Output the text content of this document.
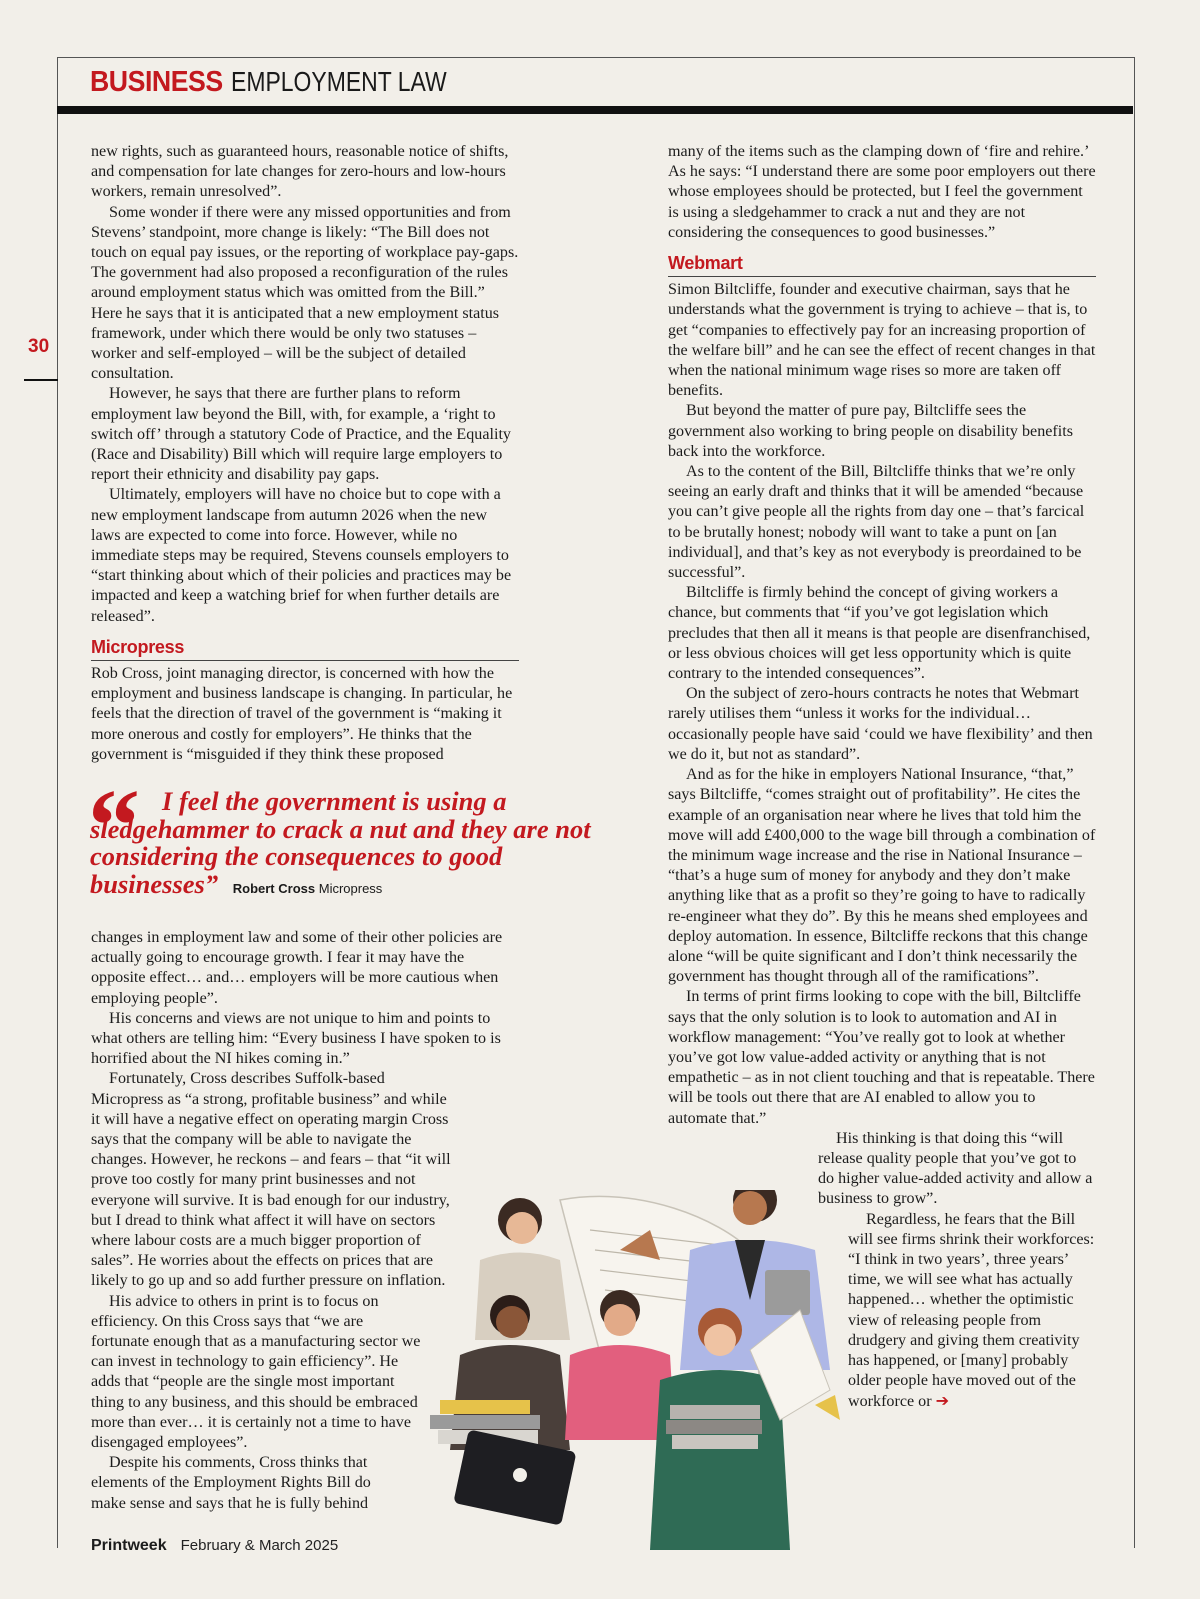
BUSINESS EMPLOYMENT LAW
30

new rights, such as guaranteed hours, reasonable notice of shifts, and compensation for late changes for zero-hours and low-hours workers, remain unresolved”.

Some wonder if there were any missed opportunities and from Stevens’ standpoint, more change is likely: “The Bill does not touch on equal pay issues, or the reporting of workplace pay-gaps. The government had also proposed a reconfiguration of the rules around employment status which was omitted from the Bill.” Here he says that it is anticipated that a new employment status framework, under which there would be only two statuses – worker and self-employed – will be the subject of detailed consultation.

However, he says that there are further plans to reform employment law beyond the Bill, with, for example, a ‘right to switch off’ through a statutory Code of Practice, and the Equality (Race and Disability) Bill which will require large employers to report their ethnicity and disability pay gaps.

Ultimately, employers will have no choice but to cope with a new employment landscape from autumn 2026 when the new laws are expected to come into force. However, while no immediate steps may be required, Stevens counsels employers to “start thinking about which of their policies and practices may be impacted and keep a watching brief for when further details are released”.

Micropress

Rob Cross, joint managing director, is concerned with how the employment and business landscape is changing. In particular, he feels that the direction of travel of the government is “making it more onerous and costly for employers”. He thinks that the government is “misguided if they think these proposed

“ I feel the government is using a
sledgehammer to crack a nut and they are not considering the consequences to good businesses” Robert Cross Micropress

changes in employment law and some of their other policies are actually going to encourage growth. I fear it may have the opposite effect… and… employers will be more cautious when employing people”.

His concerns and views are not unique to him and points to what others are telling him: “Every business I have spoken to is horrified about the NI hikes coming in.”

Fortunately, Cross describes Suffolk-based Micropress as “a strong, profitable business” and while it will have a negative effect on operating margin Cross says that the company will be able to navigate the changes. However, he reckons – and fears – that “it will prove too costly for many print businesses and not everyone will survive. It is bad enough for our industry, but I dread to think what affect it will have on sectors where labour costs are a much bigger proportion of sales”. He worries about the effects on prices that are likely to go up and so add further pressure on inflation.

His advice to others in print is to focus on efficiency. On this Cross says that “we are fortunate enough that as a manufacturing sector we can invest in technology to gain efficiency”. He adds that “people are the single most important thing to any business, and this should be embraced more than ever… it is certainly not a time to have disengaged employees”.

Despite his comments, Cross thinks that elements of the Employment Rights Bill do make sense and says that he is fully behind

many of the items such as the clamping down of ‘fire and rehire.’ As he says: “I understand there are some poor employers out there whose employees should be protected, but I feel the government is using a sledgehammer to crack a nut and they are not considering the consequences to good businesses.”

Webmart

Simon Biltcliffe, founder and executive chairman, says that he understands what the government is trying to achieve – that is, to get “companies to effectively pay for an increasing proportion of the welfare bill” and he can see the effect of recent changes in that when the national minimum wage rises so more are taken off benefits.

But beyond the matter of pure pay, Biltcliffe sees the government also working to bring people on disability benefits back into the workforce.

As to the content of the Bill, Biltcliffe thinks that we’re only seeing an early draft and thinks that it will be amended “because you can’t give people all the rights from day one – that’s farcical to be brutally honest; nobody will want to take a punt on [an individual], and that’s key as not everybody is preordained to be successful”.

Biltcliffe is firmly behind the concept of giving workers a chance, but comments that “if you’ve got legislation which precludes that then all it means is that people are disenfranchised, or less obvious choices will get less opportunity which is quite contrary to the intended consequences”.

On the subject of zero-hours contracts he notes that Webmart rarely utilises them “unless it works for the individual… occasionally people have said ‘could we have flexibility’ and then we do it, but not as standard”.

And as for the hike in employers National Insurance, “that,” says Biltcliffe, “comes straight out of profitability”. He cites the example of an organisation near where he lives that told him the move will add £400,000 to the wage bill through a combination of the minimum wage increase and the rise in National Insurance – “that’s a huge sum of money for anybody and they don’t make anything like that as a profit so they’re going to have to radically re-engineer what they do”. By this he means shed employees and deploy automation. In essence, Biltcliffe reckons that this change alone “will be quite significant and I don’t think necessarily the government has thought through all of the ramifications”.

In terms of print firms looking to cope with the bill, Biltcliffe says that the only solution is to look to automation and AI in workflow management: “You’ve really got to look at whether you’ve got low value-added activity or anything that is not empathetic – as in not client touching and that is repeatable. There will be tools out there that are AI enabled to allow you to automate that.”

His thinking is that doing this “will release quality people that you’ve got to do higher value-added activity and allow a business to grow”.

Regardless, he fears that the Bill will see firms shrink their workforces: “I think in two years’, three years’ time, we will see what has actually happened… whether the optimistic view of releasing people from drudgery and giving them creativity has happened, or [many] probably older people have moved out of the workforce or ➔

Printweek February & March 2025
